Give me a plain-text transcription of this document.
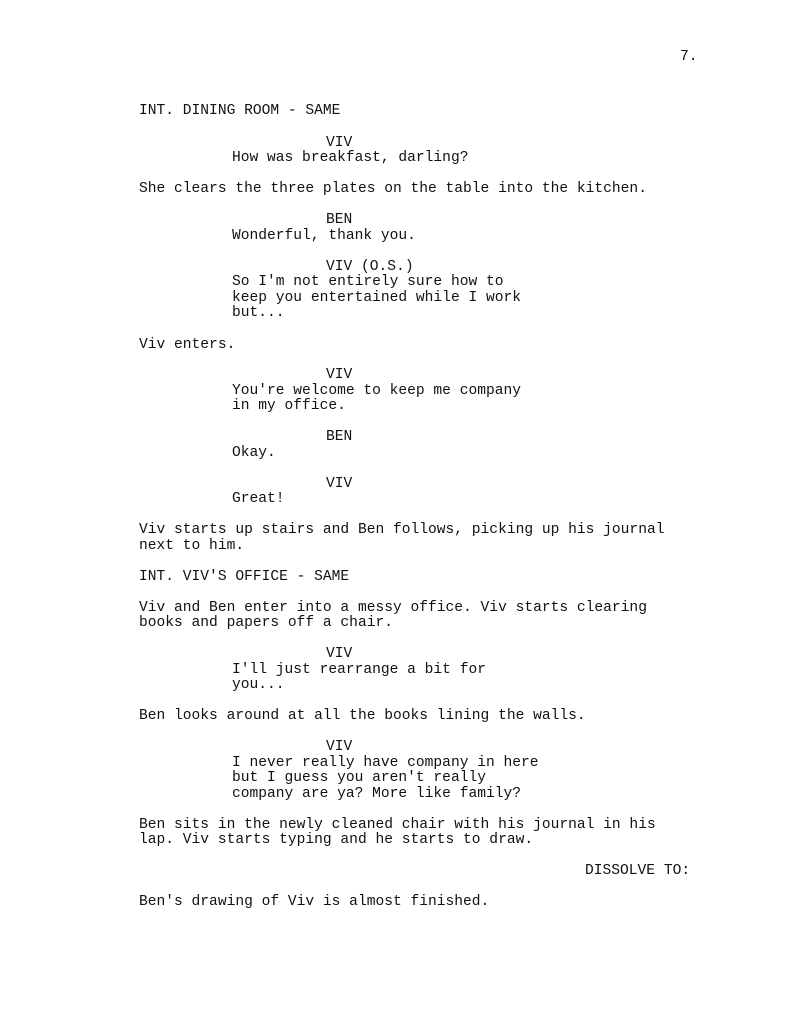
7.
INT. DINING ROOM - SAME
VIV
How was breakfast, darling?
She clears the three plates on the table into the kitchen.
BEN
Wonderful, thank you.
VIV (O.S.)
So I'm not entirely sure how to
keep you entertained while I work
but...
Viv enters.
VIV
You're welcome to keep me company
in my office.
BEN
Okay.
VIV
Great!
Viv starts up stairs and Ben follows, picking up his journal
next to him.
INT. VIV'S OFFICE - SAME
Viv and Ben enter into a messy office. Viv starts clearing
books and papers off a chair.
VIV
I'll just rearrange a bit for
you...
Ben looks around at all the books lining the walls.
VIV
I never really have company in here
but I guess you aren't really
company are ya? More like family?
Ben sits in the newly cleaned chair with his journal in his
lap. Viv starts typing and he starts to draw.
DISSOLVE TO:
Ben's drawing of Viv is almost finished.
